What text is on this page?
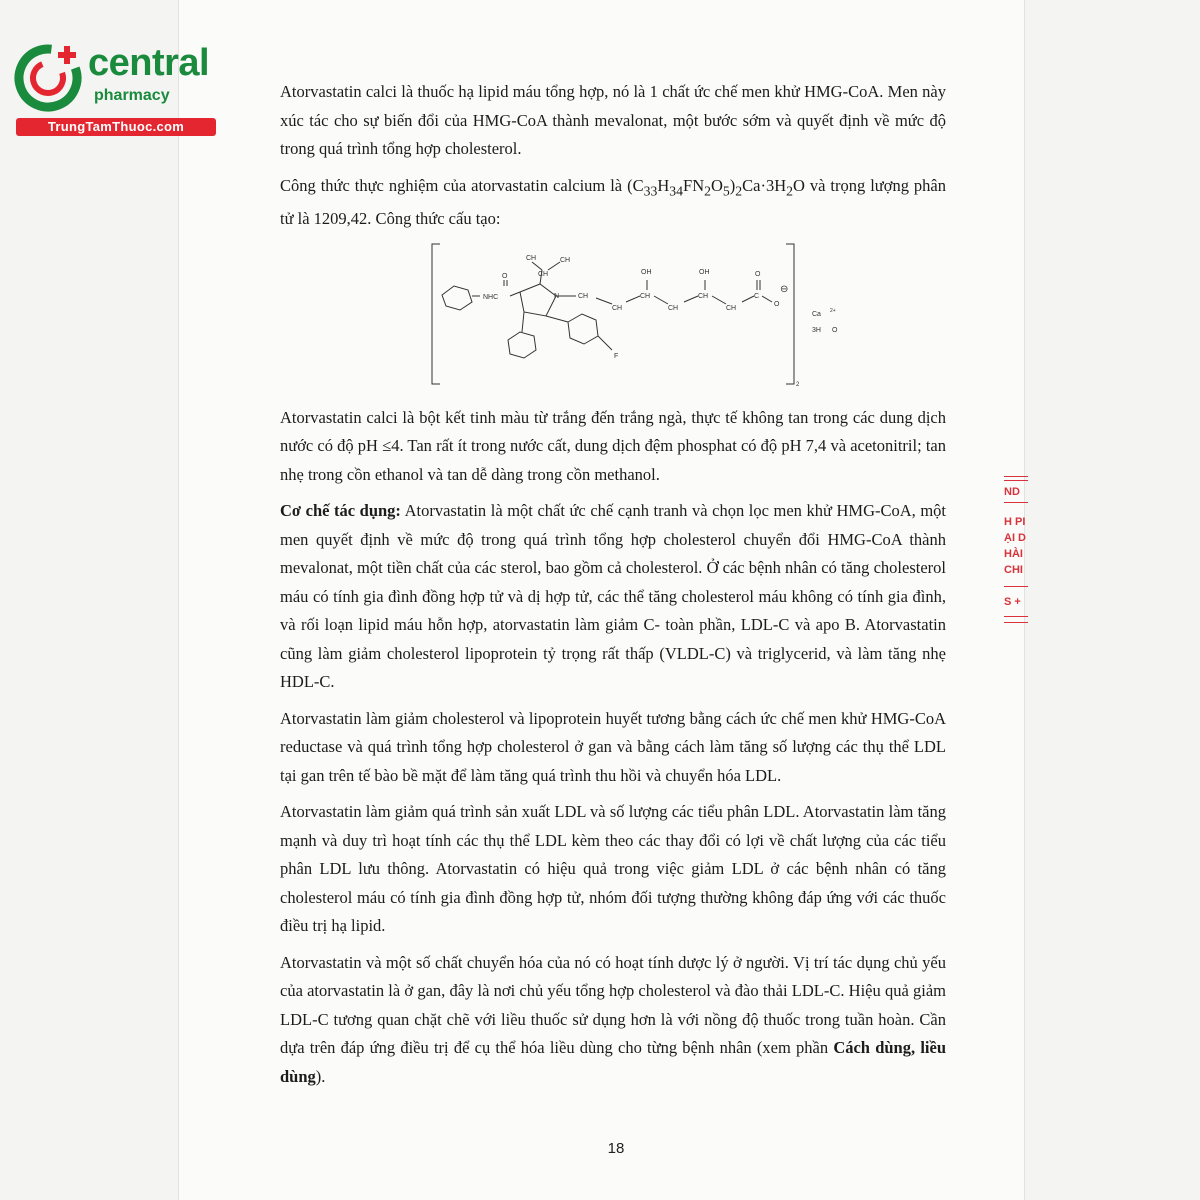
central
pharmacy
TrungTamThuoc.com

Atorvastatin calci là thuốc hạ lipid máu tổng hợp, nó là 1 chất ức chế men khử HMG-CoA. Men này xúc tác cho sự biến đổi của HMG-CoA thành mevalonat, một bước sớm và quyết định về mức độ trong quá trình tổng hợp cholesterol.

Công thức thực nghiệm của atorvastatin calcium là $(C_{33}H_{34}FN_2O_5)_2Ca\cdot 3H_2O$ và trọng lượng phân tử là 1209,42. Công thức cấu tạo:

Atorvastatin calci là bột kết tinh màu từ trắng đến trắng ngà, thực tế không tan trong các dung dịch nước có độ pH ≤4. Tan rất ít trong nước cất, dung dịch đệm phosphat có độ pH 7,4 và acetonitril; tan nhẹ trong cồn ethanol và tan dễ dàng trong cồn methanol.

Cơ chế tác dụng: Atorvastatin là một chất ức chế cạnh tranh và chọn lọc men khử HMG-CoA, một men quyết định về mức độ trong quá trình tổng hợp cholesterol chuyển đổi HMG-CoA thành mevalonat, một tiền chất của các sterol, bao gồm cả cholesterol. Ở các bệnh nhân có tăng cholesterol máu có tính gia đình đồng hợp tử và dị hợp tử, các thể tăng cholesterol máu không có tính gia đình, và rối loạn lipid máu hỗn hợp, atorvastatin làm giảm C- toàn phần, LDL-C và apo B. Atorvastatin cũng làm giảm cholesterol lipoprotein tỷ trọng rất thấp (VLDL-C) và triglycerid, và làm tăng nhẹ HDL-C.

Atorvastatin làm giảm cholesterol và lipoprotein huyết tương bằng cách ức chế men khử HMG-CoA reductase và quá trình tổng hợp cholesterol ở gan và bằng cách làm tăng số lượng các thụ thể LDL tại gan trên tế bào bề mặt để làm tăng quá trình thu hồi và chuyển hóa LDL.

Atorvastatin làm giảm quá trình sản xuất LDL và số lượng các tiểu phân LDL. Atorvastatin làm tăng mạnh và duy trì hoạt tính các thụ thể LDL kèm theo các thay đổi có lợi về chất lượng của các tiểu phân LDL lưu thông. Atorvastatin có hiệu quả trong việc giảm LDL ở các bệnh nhân có tăng cholesterol máu có tính gia đình đồng hợp tử, nhóm đối tượng thường không đáp ứng với các thuốc điều trị hạ lipid.

Atorvastatin và một số chất chuyển hóa của nó có hoạt tính dược lý ở người. Vị trí tác dụng chủ yếu của atorvastatin là ở gan, đây là nơi chủ yếu tổng hợp cholesterol và đào thải LDL-C. Hiệu quả giảm LDL-C tương quan chặt chẽ với liều thuốc sử dụng hơn là với nồng độ thuốc trong tuần hoàn. Cần dựa trên đáp ứng điều trị để cụ thể hóa liều dùng cho từng bệnh nhân (xem phần Cách dùng, liều dùng).

CH	CH
CH	OH	OH	O
NHC
O
N	CH
CH
CH
CH
CH
CH
C
O
⊖
F
Ca 2+
3H O
2
ND
H PI
ẠI D
HÀI
CHI
S +
18
